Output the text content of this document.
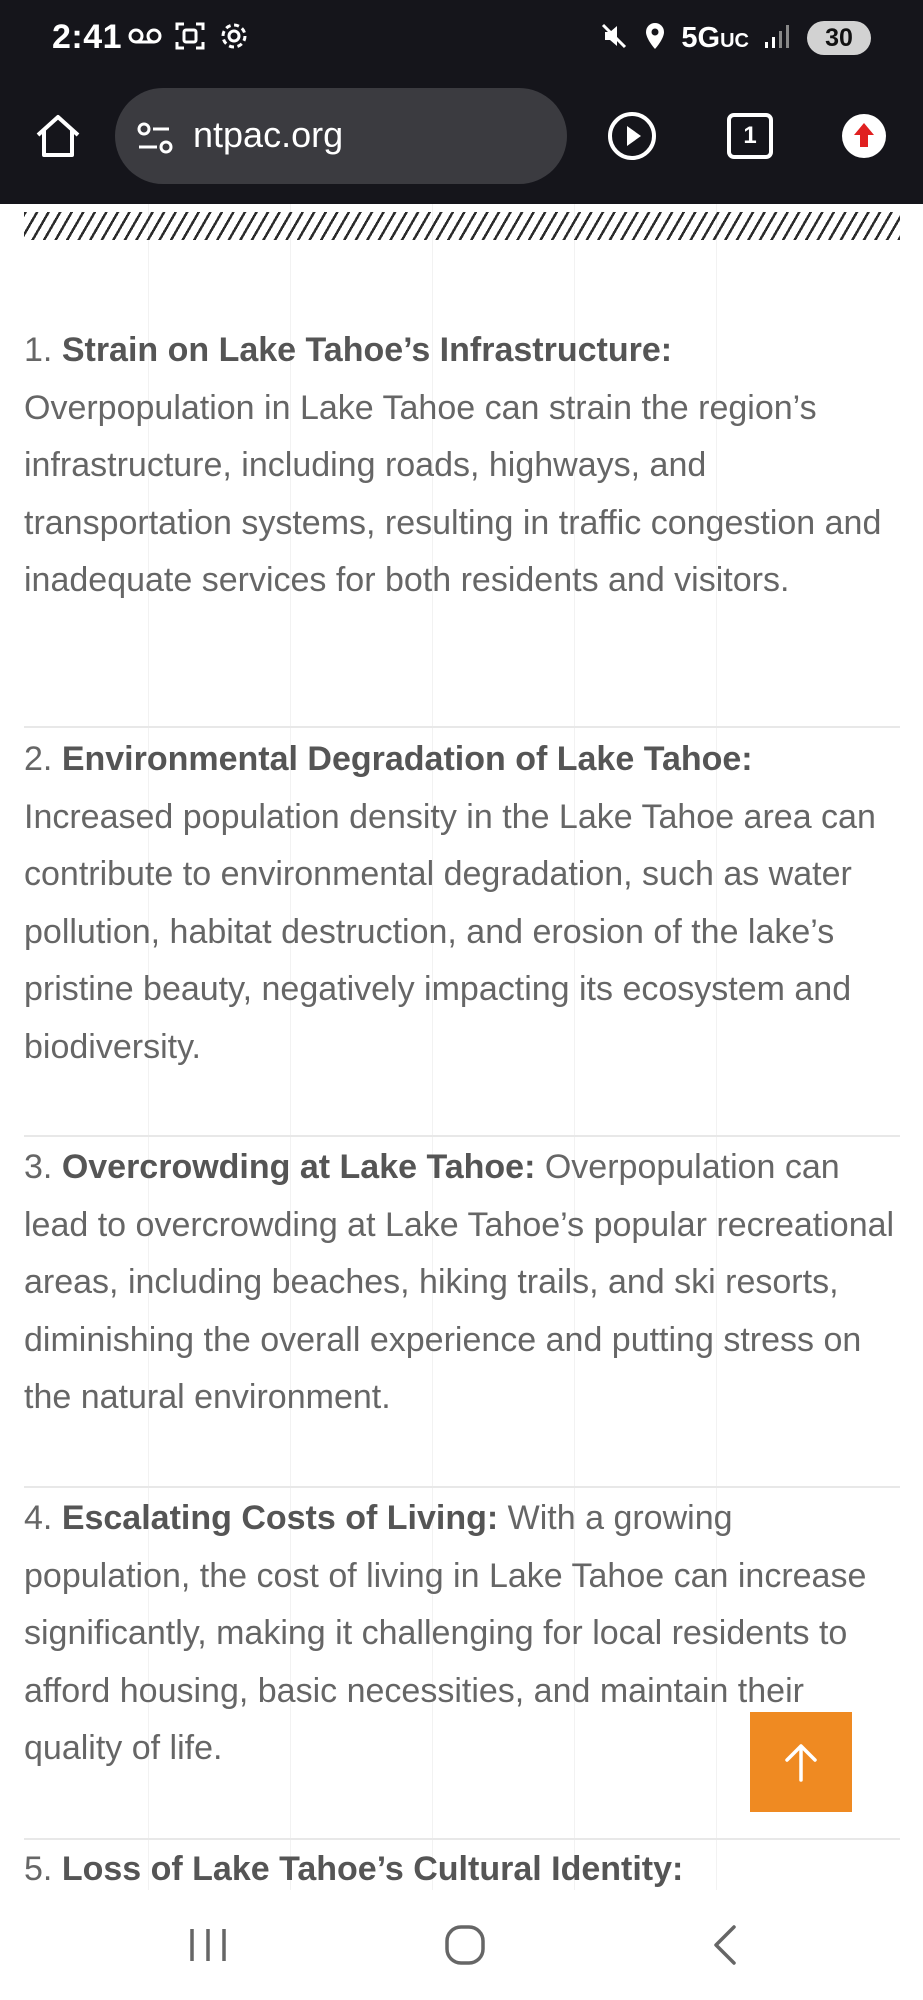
2:41	5GUC	30
ntpac.org	1
1. Strain on Lake Tahoe’s Infrastructure:
Overpopulation in Lake Tahoe can strain the region’s infrastructure, including roads, highways, and transportation systems, resulting in traffic congestion and inadequate services for both residents and visitors.
2. Environmental Degradation of Lake Tahoe:
Increased population density in the Lake Tahoe area can contribute to environmental degradation, such as water pollution, habitat destruction, and erosion of the lake’s pristine beauty, negatively impacting its ecosystem and biodiversity.
3. Overcrowding at Lake Tahoe: Overpopulation can lead to overcrowding at Lake Tahoe’s popular recreational areas, including beaches, hiking trails, and ski resorts, diminishing the overall experience and putting stress on the natural environment.
4. Escalating Costs of Living: With a growing population, the cost of living in Lake Tahoe can increase significantly, making it challenging for local residents to afford housing, basic necessities, and maintain their quality of life.
5. Loss of Lake Tahoe’s Cultural Identity:
